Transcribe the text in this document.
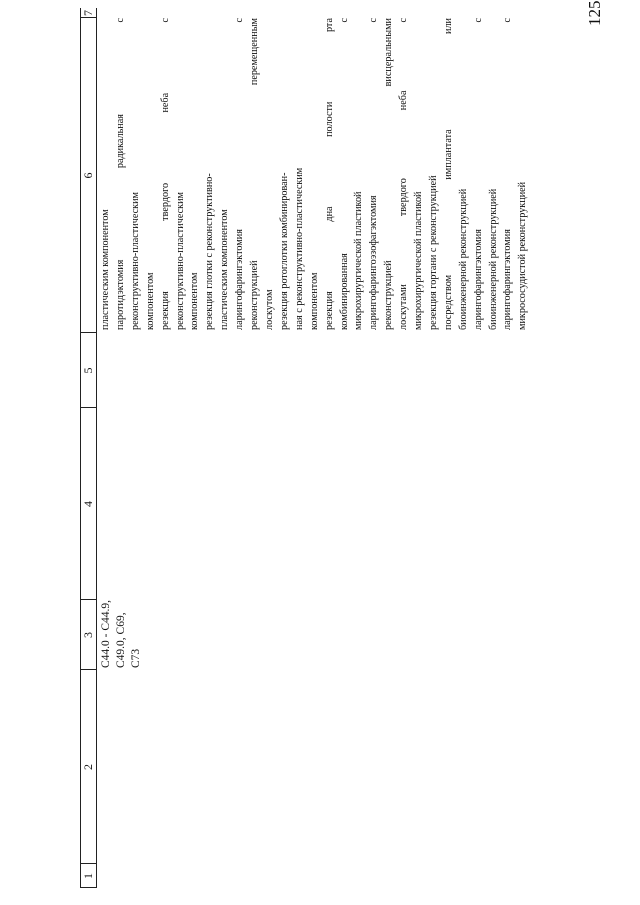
125
1
2
3
4
5
6
7
C44.0 - C44.9, C49.0, C69, C73
пластическим компонентом паротидэктомия радикальная с реконструктивно-пластическим компонентом резекция твердого неба с реконструктивно-пластическим компонентом резекция глотки с реконструктивно- пластическим компонентом ларингофарингэктомия с реконструкцией перемещенным лоскутом резекция ротоглотки комбинирован- ная с реконструктивно-пластическим компонентом резекция дна полости рта комбинированная с микрохирургической пластикой ларингофарингоэзофагэктомия с реконструкцией висцеральными лоскутами твердого неба с микрохирургической пластикой резекция гортани с реконструкцией посредством имплантата или биоинженерной реконструкцией ларингофарингэктомия с биоинженерной реконструкцией ларингофарингэктомия с микрососудистой реконструкцией
